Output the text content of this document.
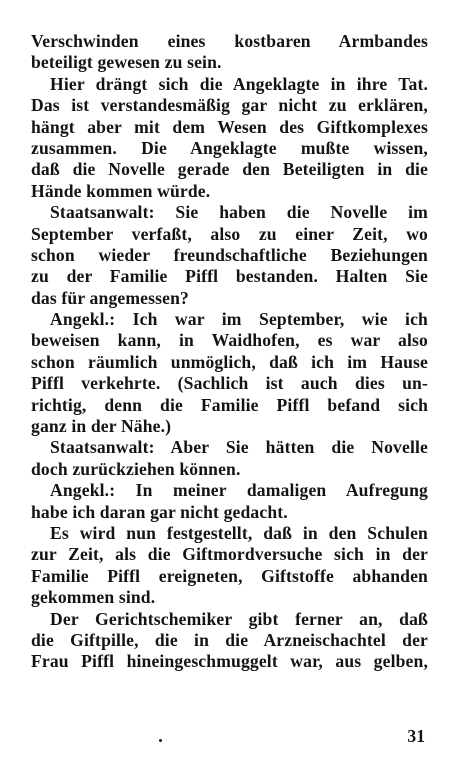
Verschwinden eines kostbaren Armbandes
beteiligt gewesen zu sein.
Hier drängt sich die Angeklagte in ihre Tat.
Das ist verstandesmäßig gar nicht zu erklären,
hängt aber mit dem Wesen des Giftkomplexes
zusammen. Die Angeklagte mußte wissen,
daß die Novelle gerade den Beteiligten in die
Hände kommen würde.
Staatsanwalt: Sie haben die Novelle im
September verfaßt, also zu einer Zeit, wo
schon wieder freundschaftliche Beziehungen
zu der Familie Piffl bestanden. Halten Sie
das für angemessen?
Angekl.: Ich war im September, wie ich
beweisen kann, in Waidhofen, es war also
schon räumlich unmöglich, daß ich im Hause
Piffl verkehrte. (Sachlich ist auch dies un-
richtig, denn die Familie Piffl befand sich
ganz in der Nähe.)
Staatsanwalt: Aber Sie hätten die Novelle
doch zurückziehen können.
Angekl.: In meiner damaligen Aufregung
habe ich daran gar nicht gedacht.
Es wird nun festgestellt, daß in den Schulen
zur Zeit, als die Giftmordversuche sich in der
Familie Piffl ereigneten, Giftstoffe abhanden
gekommen sind.
Der Gerichtschemiker gibt ferner an, daß
die Giftpille, die in die Arzneischachtel der
Frau Piffl hineingeschmuggelt war, aus gelben,
31
